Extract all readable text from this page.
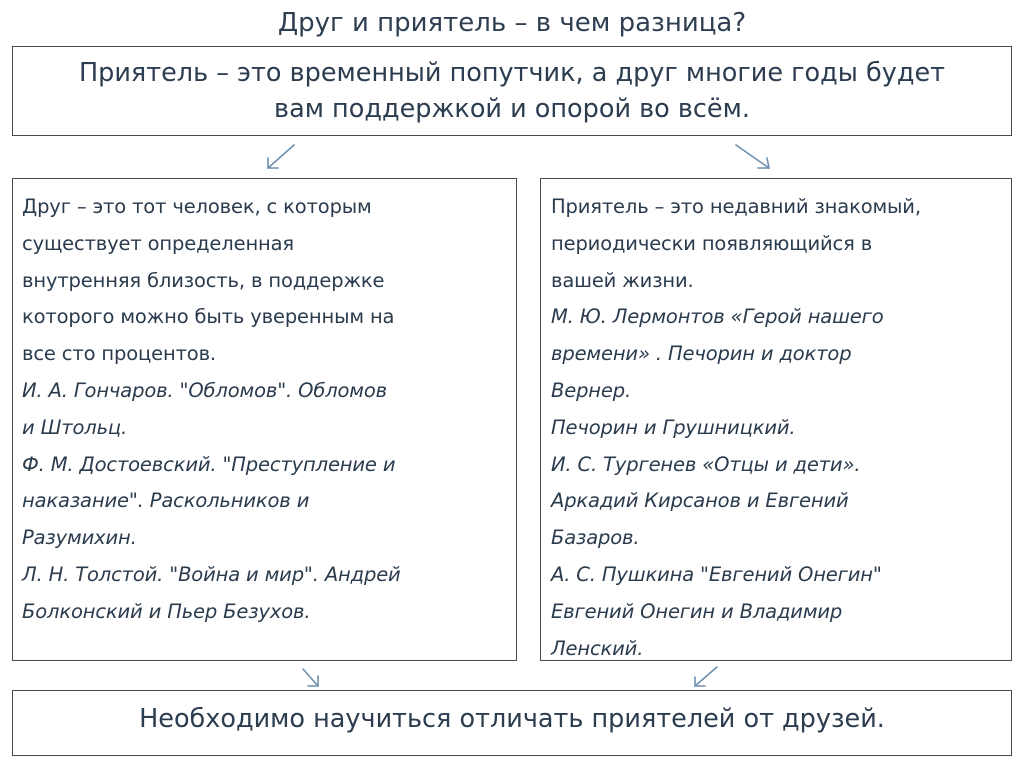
Друг и приятель – в чем разница?
Приятель – это временный попутчик, а друг многие годы будет
вам поддержкой и опорой во всём.
Друг – это тот человек, с которым
существует определенная
внутренняя близость, в поддержке
которого можно быть уверенным на
все сто процентов.
И. А. Гончаров. "Обломов". Обломов
и Штольц.
Ф. М. Достоевский. "Преступление и
наказание". Раскольников и
Разумихин.
Л. Н. Толстой. "Война и мир". Андрей
Болконский и Пьер Безухов.
Приятель – это недавний знакомый,
периодически появляющийся в
вашей жизни.
М. Ю. Лермонтов «Герой нашего
времени» . Печорин и доктор
Вернер.
Печорин и Грушницкий.
И. С. Тургенев «Отцы и дети».
Аркадий Кирсанов и Евгений
Базаров.
А. С. Пушкина "Евгений Онегин"
Евгений Онегин и Владимир
Ленский.
Необходимо научиться отличать приятелей от друзей.
